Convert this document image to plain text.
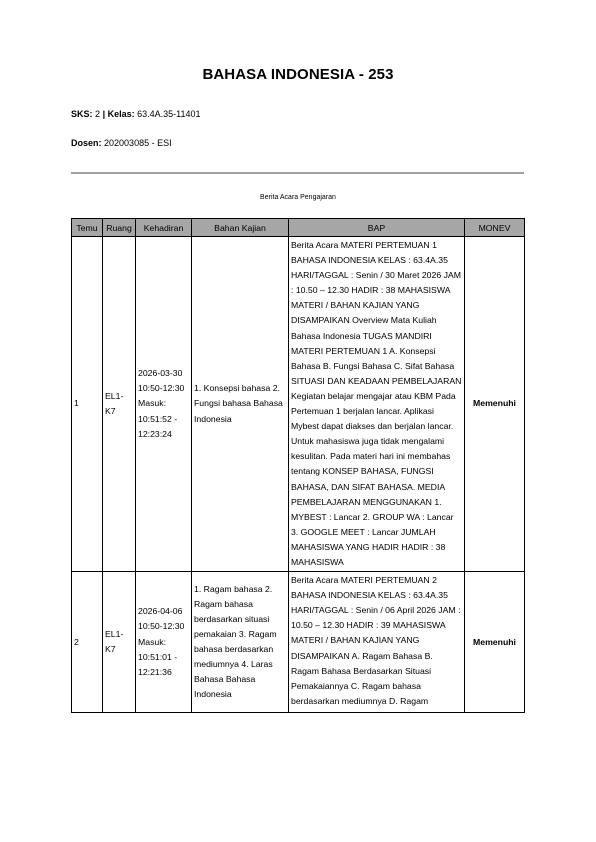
BAHASA INDONESIA - 253
SKS: 2 | Kelas: 63.4A.35-11401
Dosen: 202003085 - ESI
Berita Acara Pengajaran
Temu	Ruang	Kehadiran	Bahan Kajian	BAP	MONEV
1	EL1-K7	2026-03-30 10:50-12:30 Masuk: 10:51:52 - 12:23:24	1. Konsepsi bahasa 2. Fungsi bahasa Bahasa Indonesia	Berita Acara MATERI PERTEMUAN 1 BAHASA INDONESIA KELAS : 63.4A.35 HARI/TAGGAL : Senin / 30 Maret 2026 JAM : 10.50 – 12.30 HADIR : 38 MAHASISWA MATERI / BAHAN KAJIAN YANG DISAMPAIKAN Overview Mata Kuliah Bahasa Indonesia TUGAS MANDIRI MATERI PERTEMUAN 1 A. Konsepsi Bahasa B. Fungsi Bahasa C. Sifat Bahasa SITUASI DAN KEADAAN PEMBELAJARAN Kegiatan belajar mengajar atau KBM Pada Pertemuan 1 berjalan lancar. Aplikasi Mybest dapat diakses dan berjalan lancar. Untuk mahasiswa juga tidak mengalami kesulitan. Pada materi hari ini membahas tentang KONSEP BAHASA, FUNGSI BAHASA, DAN SIFAT BAHASA. MEDIA PEMBELAJARAN MENGGUNAKAN 1. MYBEST : Lancar 2. GROUP WA : Lancar 3. GOOGLE MEET : Lancar JUMLAH MAHASISWA YANG HADIR HADIR : 38 MAHASISWA	Memenuhi
2	EL1-K7	2026-04-06 10:50-12:30 Masuk: 10:51:01 - 12:21:36	1. Ragam bahasa 2. Ragam bahasa berdasarkan situasi pemakaian 3. Ragam bahasa berdasarkan mediumnya 4. Laras Bahasa Bahasa Indonesia	Berita Acara MATERI PERTEMUAN 2 BAHASA INDONESIA KELAS : 63.4A.35 HARI/TAGGAL : Senin / 06 April 2026 JAM : 10.50 – 12.30 HADIR : 39 MAHASISWA MATERI / BAHAN KAJIAN YANG DISAMPAIKAN A. Ragam Bahasa B. Ragam Bahasa Berdasarkan Situasi Pemakaiannya C. Ragam bahasa berdasarkan mediumnya D. Ragam	Memenuhi
